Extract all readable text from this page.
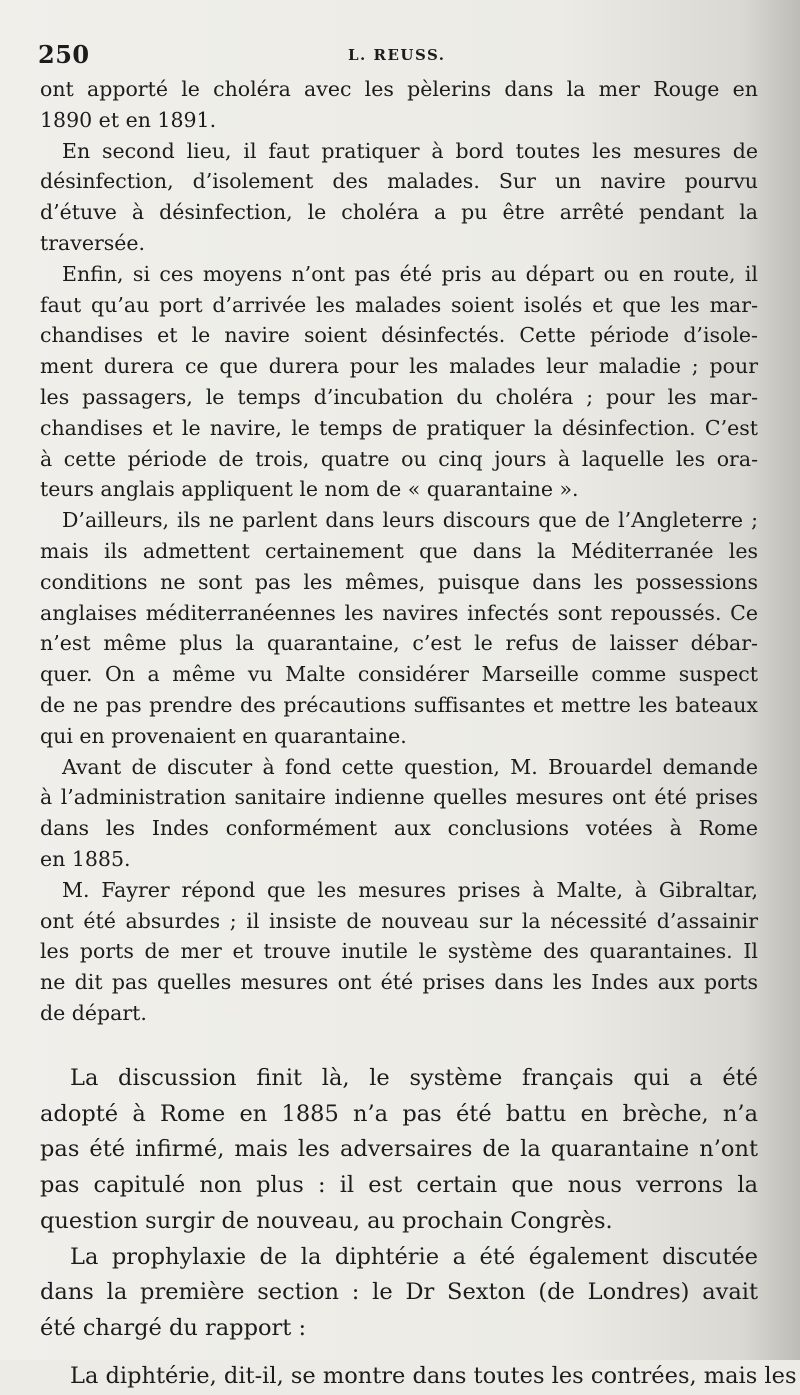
250	L. REUSS.
ont apporté le choléra avec les pèlerins dans la mer Rouge en
1890 et en 1891.
En second lieu, il faut pratiquer à bord toutes les mesures de
désinfection, d’isolement des malades. Sur un navire pourvu
d’étuve à désinfection, le choléra a pu être arrêté pendant la
traversée.
Enfin, si ces moyens n’ont pas été pris au départ ou en route, il
faut qu’au port d’arrivée les malades soient isolés et que les mar-
chandises et le navire soient désinfectés. Cette période d’isole-
ment durera ce que durera pour les malades leur maladie ; pour
les passagers, le temps d’incubation du choléra ; pour les mar-
chandises et le navire, le temps de pratiquer la désinfection. C’est
à cette période de trois, quatre ou cinq jours à laquelle les ora-
teurs anglais appliquent le nom de « quarantaine ».
D’ailleurs, ils ne parlent dans leurs discours que de l’Angleterre ;
mais ils admettent certainement que dans la Méditerranée les
conditions ne sont pas les mêmes, puisque dans les possessions
anglaises méditerranéennes les navires infectés sont repoussés. Ce
n’est même plus la quarantaine, c’est le refus de laisser débar-
quer. On a même vu Malte considérer Marseille comme suspect
de ne pas prendre des précautions suffisantes et mettre les bateaux
qui en provenaient en quarantaine.
Avant de discuter à fond cette question, M. Brouardel demande
à l’administration sanitaire indienne quelles mesures ont été prises
dans les Indes conformément aux conclusions votées à Rome
en 1885.
M. Fayrer répond que les mesures prises à Malte, à Gibraltar,
ont été absurdes ; il insiste de nouveau sur la nécessité d’assainir
les ports de mer et trouve inutile le système des quarantaines. Il
ne dit pas quelles mesures ont été prises dans les Indes aux ports
de départ.
La discussion finit là, le système français qui a été
adopté à Rome en 1885 n’a pas été battu en brèche, n’a
pas été infirmé, mais les adversaires de la quarantaine n’ont
pas capitulé non plus : il est certain que nous verrons la
question surgir de nouveau, au prochain Congrès.
La prophylaxie de la diphtérie a été également discutée
dans la première section : le Dr Sexton (de Londres) avait
été chargé du rapport :
La diphtérie, dit-il, se montre dans toutes les contrées, mais les
